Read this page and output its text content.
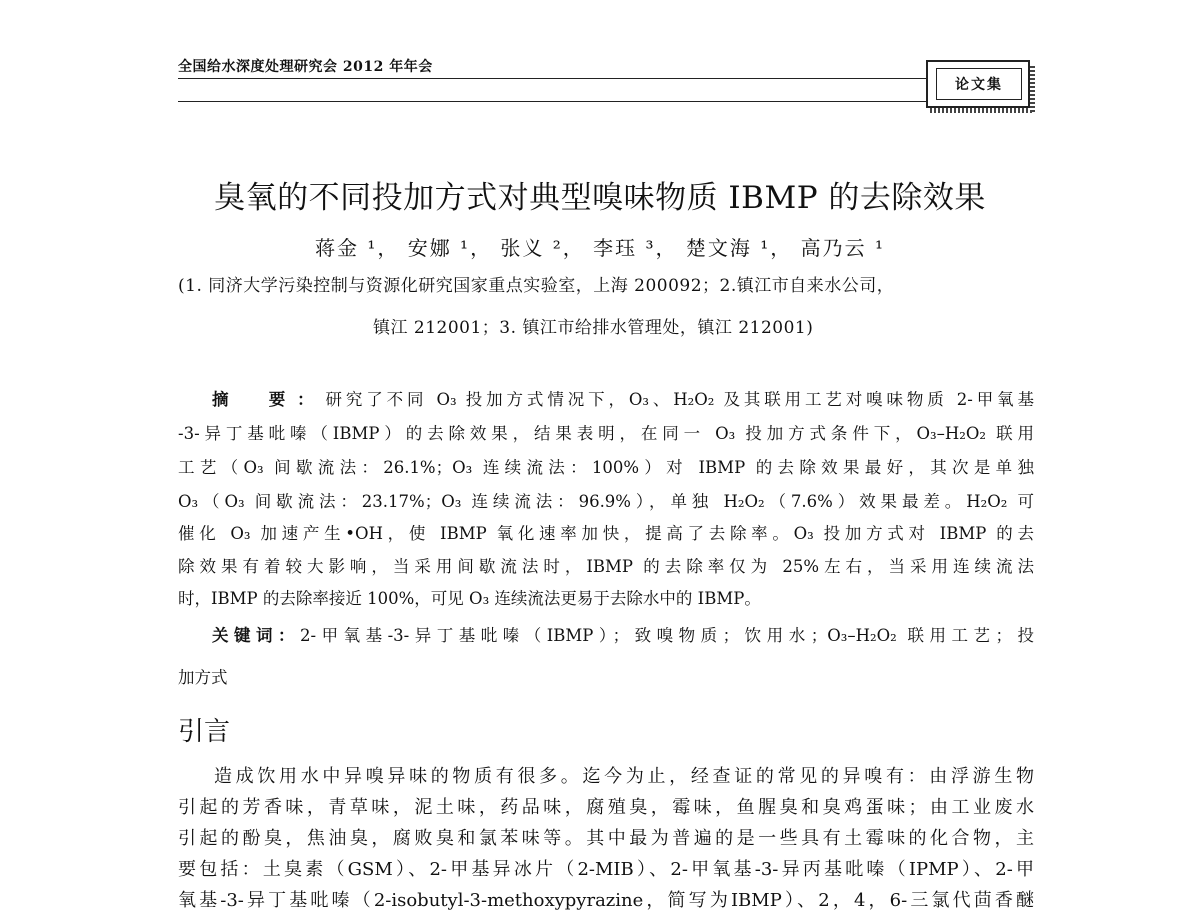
全国给水深度处理研究会 2012 年年会
论文集
臭氧的不同投加方式对典型嗅味物质 IBMP 的去除效果
蒋金 ¹， 安娜 ¹， 张义 ²， 李珏 ³， 楚文海 ¹， 高乃云 ¹
(1. 同济大学污染控制与资源化研究国家重点实验室，上海 200092；2.镇江市自来水公司，
镇江 212001；3. 镇江市给排水管理处，镇江 212001)
摘　要：研究了不同 O₃ 投加方式情况下，O₃、H₂O₂ 及其联用工艺对嗅味物质 2-甲氧基
-3-异丁基吡嗪（IBMP）的去除效果，结果表明，在同一 O₃ 投加方式条件下，O₃–H₂O₂ 联用
工艺（O₃ 间歇流法：26.1%；O₃ 连续流法：100%）对 IBMP 的去除效果最好，其次是单独
O₃（O₃ 间歇流法：23.17%；O₃ 连续流法：96.9%），单独 H₂O₂（7.6%）效果最差。H₂O₂ 可
催化 O₃ 加速产生•OH，使 IBMP 氧化速率加快，提高了去除率。O₃ 投加方式对 IBMP 的去
除效果有着较大影响，当采用间歇流法时，IBMP 的去除率仅为 25%左右，当采用连续流法
时，IBMP 的去除率接近 100%，可见 O₃ 连续流法更易于去除水中的 IBMP。
关键词：2-甲氧基-3-异丁基吡嗪（IBMP）；致嗅物质；饮用水；O₃–H₂O₂ 联用工艺；投
加方式
引言
造成饮用水中异嗅异味的物质有很多。迄今为止，经查证的常见的异嗅有：由浮游生物
引起的芳香味，青草味，泥土味，药品味，腐殖臭，霉味，鱼腥臭和臭鸡蛋味；由工业废水
引起的酚臭，焦油臭，腐败臭和氯苯味等。其中最为普遍的是一些具有土霉味的化合物，主
要包括：土臭素（GSM）、2-甲基异冰片（2-MIB）、2-甲氧基-3-异丙基吡嗪（IPMP）、2-甲
氧基-3-异丁基吡嗪（2-isobutyl-3-methoxypyrazine，简写为IBMP）、2，4，6-三氯代茴香醚
